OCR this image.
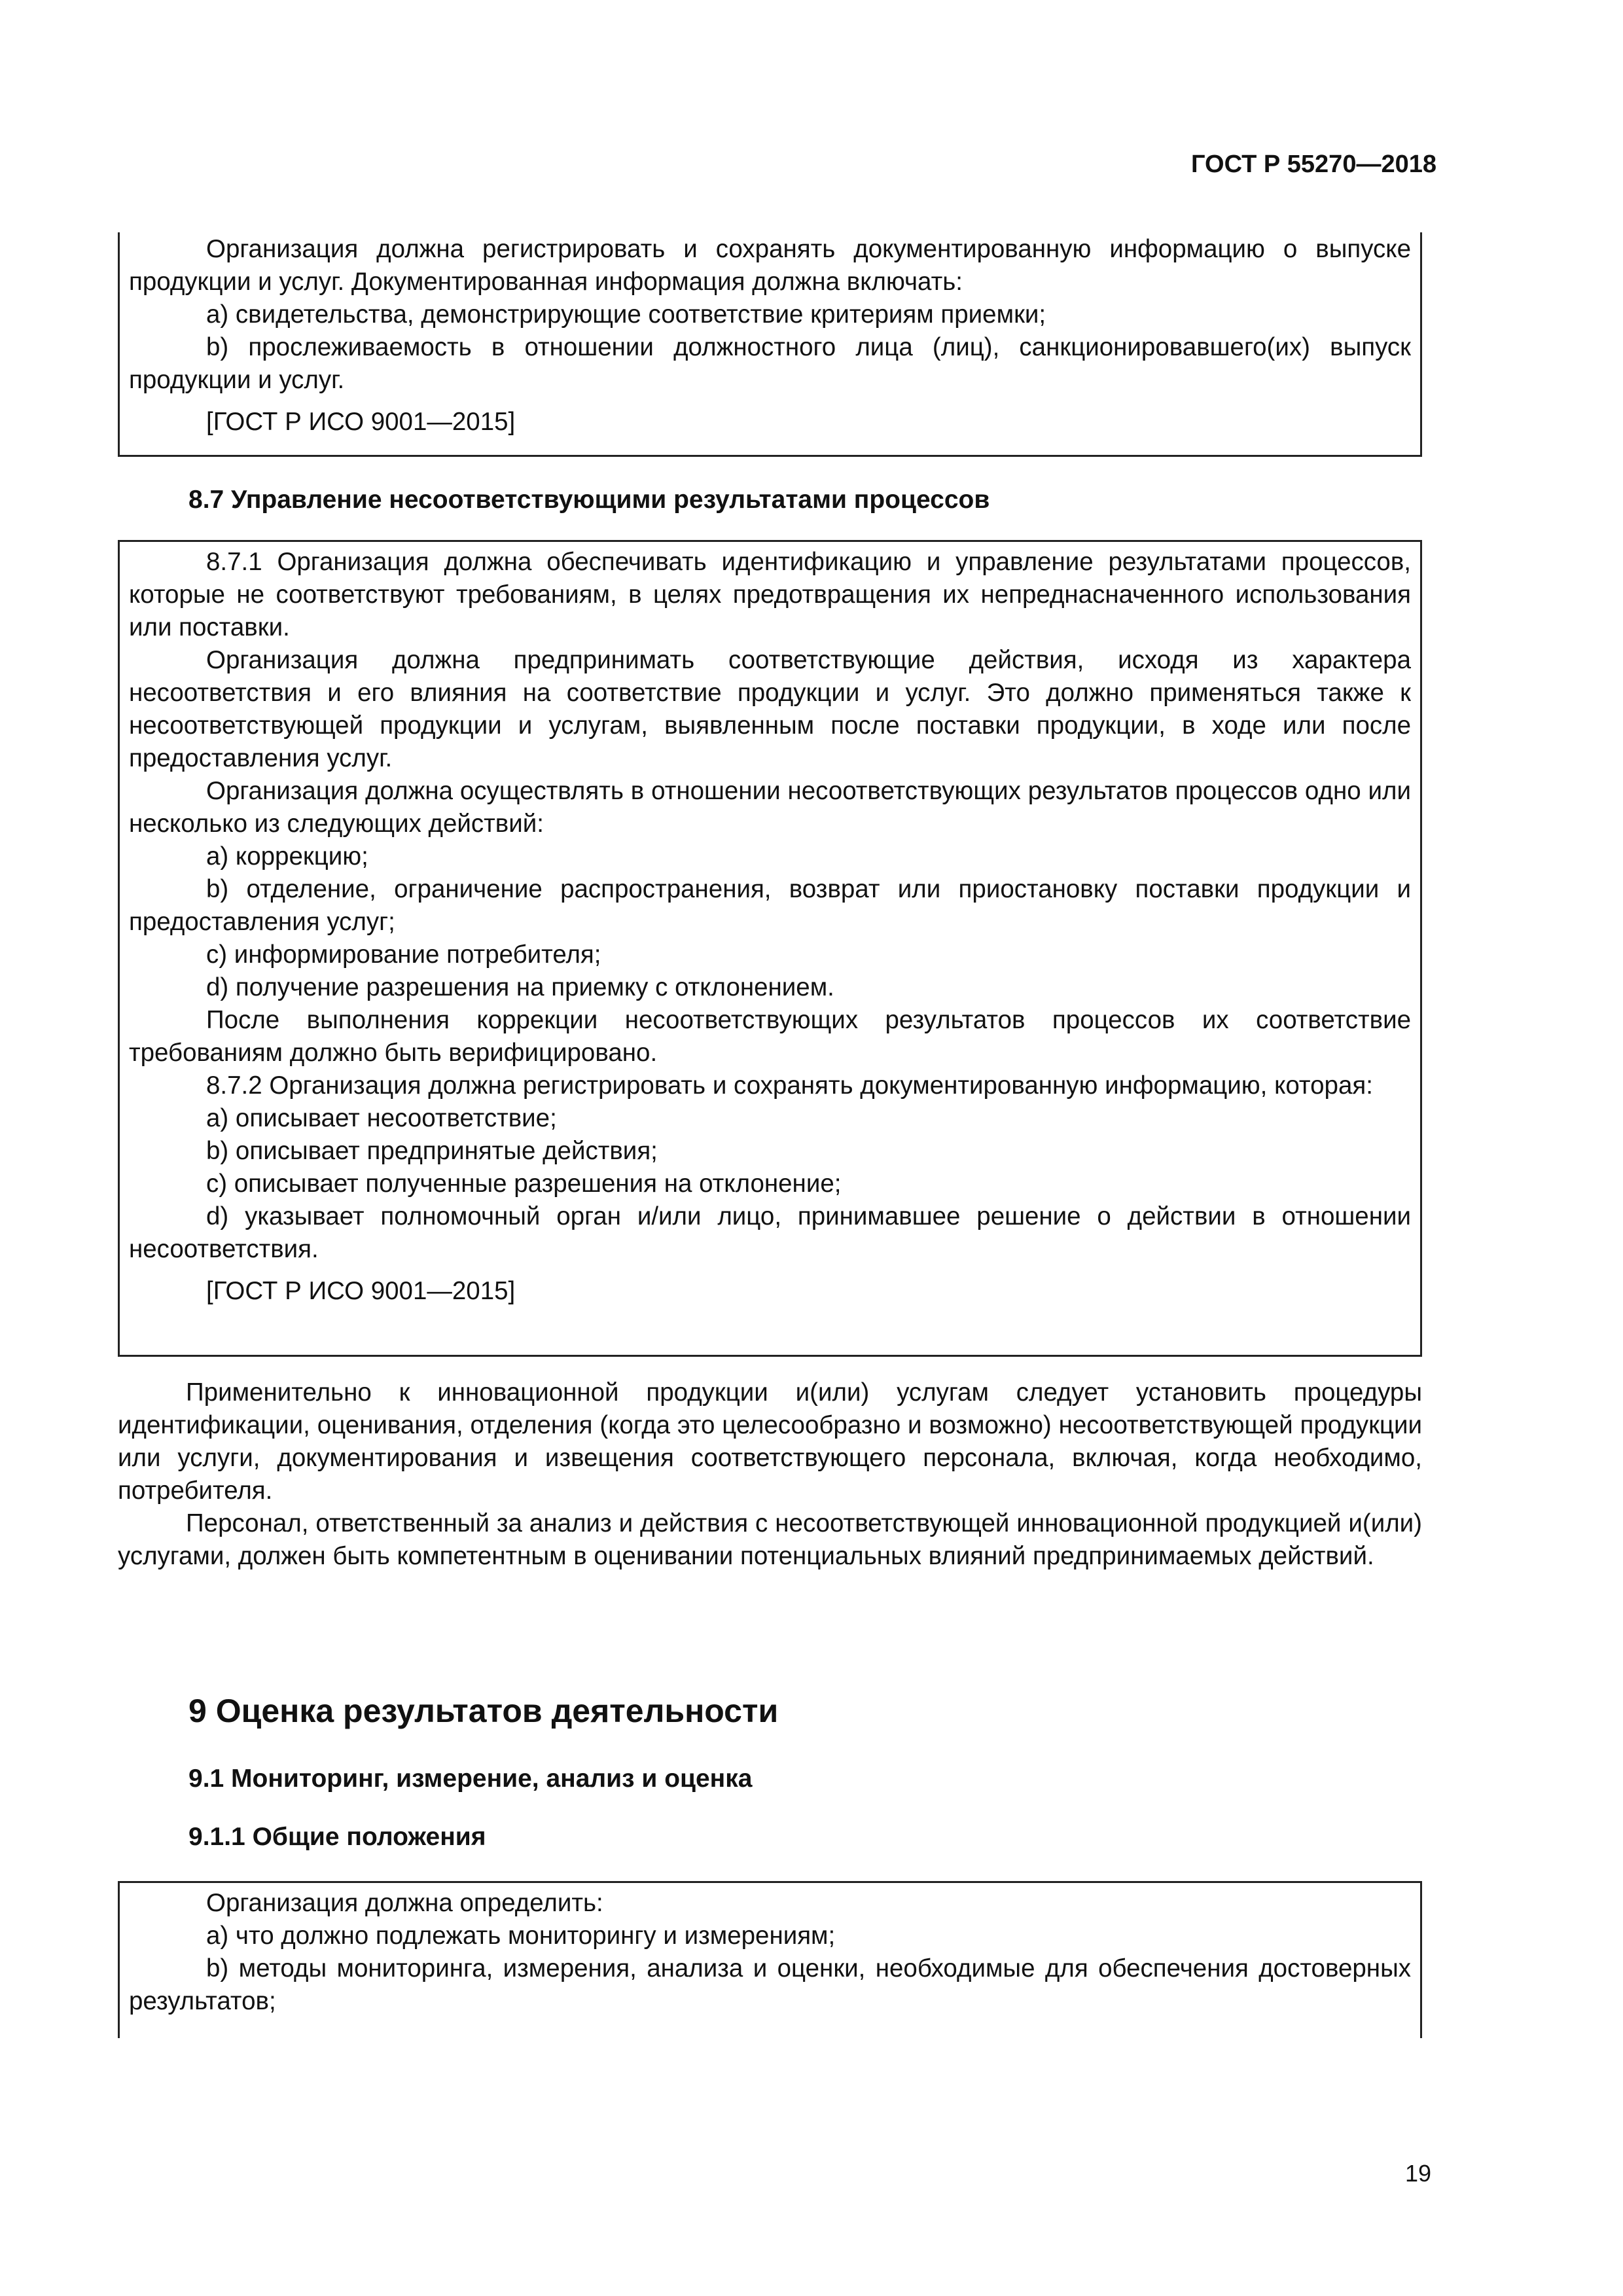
ГОСТ Р 55270—2018

Организация должна регистрировать и сохранять документированную информацию о выпуске продукции и услуг. Документированная информация должна включать:

a) свидетельства, демонстрирующие соответствие критериям приемки;

b) прослеживаемость в отношении должностного лица (лиц), санкционировавшего(их) выпуск продукции и услуг.

[ГОСТ Р ИСО 9001—2015]

8.7 Управление несоответствующими результатами процессов

8.7.1 Организация должна обеспечивать идентификацию и управление результатами процессов, которые не соответствуют требованиям, в целях предотвращения их непреднасначенного использования или поставки.

Организация должна предпринимать соответствующие действия, исходя из характера несоответствия и его влияния на соответствие продукции и услуг. Это должно применяться также к несоответствующей продукции и услугам, выявленным после поставки продукции, в ходе или после предоставления услуг.

Организация должна осуществлять в отношении несоответствующих результатов процессов одно или несколько из следующих действий:

a) коррекцию;

b) отделение, ограничение распространения, возврат или приостановку поставки продукции и предоставления услуг;

c) информирование потребителя;

d) получение разрешения на приемку с отклонением.

После выполнения коррекции несоответствующих результатов процессов их соответствие требованиям должно быть верифицировано.

8.7.2 Организация должна регистрировать и сохранять документированную информацию, которая:

a) описывает несоответствие;

b) описывает предпринятые действия;

c) описывает полученные разрешения на отклонение;

d) указывает полномочный орган и/или лицо, принимавшее решение о действии в отношении несоответствия.

[ГОСТ Р ИСО 9001—2015]

Применительно к инновационной продукции и(или) услугам следует установить процедуры идентификации, оценивания, отделения (когда это целесообразно и возможно) несоответствующей продукции или услуги, документирования и извещения соответствующего персонала, включая, когда необходимо, потребителя.

Персонал, ответственный за анализ и действия с несоответствующей инновационной продукцией и(или) услугами, должен быть компетентным в оценивании потенциальных влияний предпринимаемых действий.

9 Оценка результатов деятельности
9.1 Мониторинг, измерение, анализ и оценка
9.1.1 Общие положения

Организация должна определить:

a) что должно подлежать мониторингу и измерениям;

b) методы мониторинга, измерения, анализа и оценки, необходимые для обеспечения достоверных результатов;

19
